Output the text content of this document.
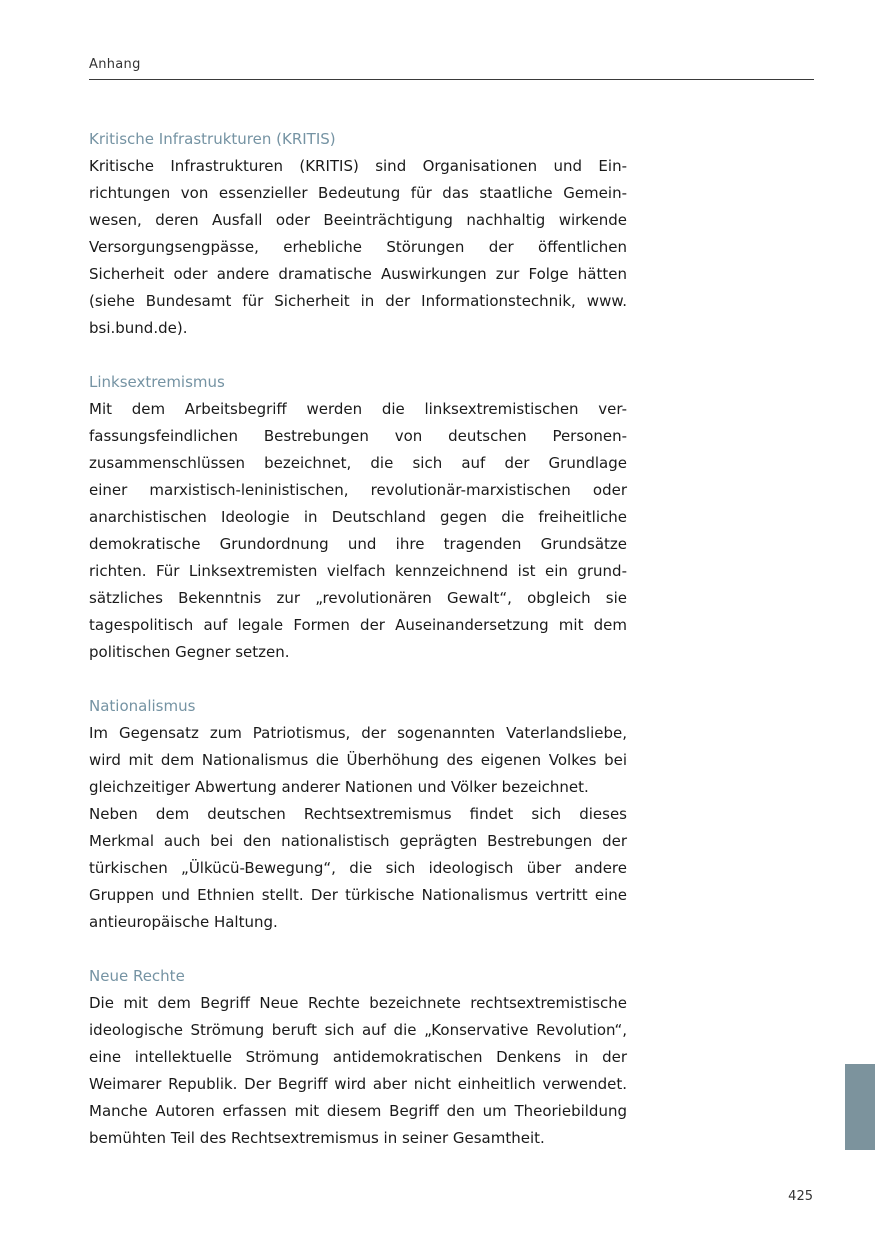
Anhang
Kritische Infrastrukturen (KRITIS)

Kritische Infrastrukturen (KRITIS) sind Organisationen und Ein-
richtungen von essenzieller Bedeutung für das staatliche Gemein-
wesen, deren Ausfall oder Beeinträchtigung nachhaltig wirkende
Versorgungsengpässe, erhebliche Störungen der öffentlichen
Sicherheit oder andere dramatische Auswirkungen zur Folge hätten
(siehe Bundesamt für Sicherheit in der Informationstechnik, www.
bsi.bund.de).

Linksextremismus

Mit dem Arbeitsbegriff werden die linksextremistischen ver-
fassungsfeindlichen Bestrebungen von deutschen Personen-
zusammenschlüssen bezeichnet, die sich auf der Grundlage
einer marxistisch-leninistischen, revolutionär-marxistischen oder
anarchistischen Ideologie in Deutschland gegen die freiheitliche
demokratische Grundordnung und ihre tragenden Grundsätze
richten. Für Linksextremisten vielfach kennzeichnend ist ein grund-
sätzliches Bekenntnis zur „revolutionären Gewalt“, obgleich sie
tagespolitisch auf legale Formen der Auseinandersetzung mit dem
politischen Gegner setzen.

Nationalismus

Im Gegensatz zum Patriotismus, der sogenannten Vaterlandsliebe,
wird mit dem Nationalismus die Überhöhung des eigenen Volkes bei
gleichzeitiger Abwertung anderer Nationen und Völker bezeichnet.
Neben dem deutschen Rechtsextremismus findet sich dieses
Merkmal auch bei den nationalistisch geprägten Bestrebungen der
türkischen „Ülkücü-Bewegung“, die sich ideologisch über andere
Gruppen und Ethnien stellt. Der türkische Nationalismus vertritt eine
antieuropäische Haltung.

Neue Rechte

Die mit dem Begriff Neue Rechte bezeichnete rechtsextremistische
ideologische Strömung beruft sich auf die „Konservative Revolution“,
eine intellektuelle Strömung antidemokratischen Denkens in der
Weimarer Republik. Der Begriff wird aber nicht einheitlich verwendet.
Manche Autoren erfassen mit diesem Begriff den um Theoriebildung
bemühten Teil des Rechtsextremismus in seiner Gesamtheit.

425
